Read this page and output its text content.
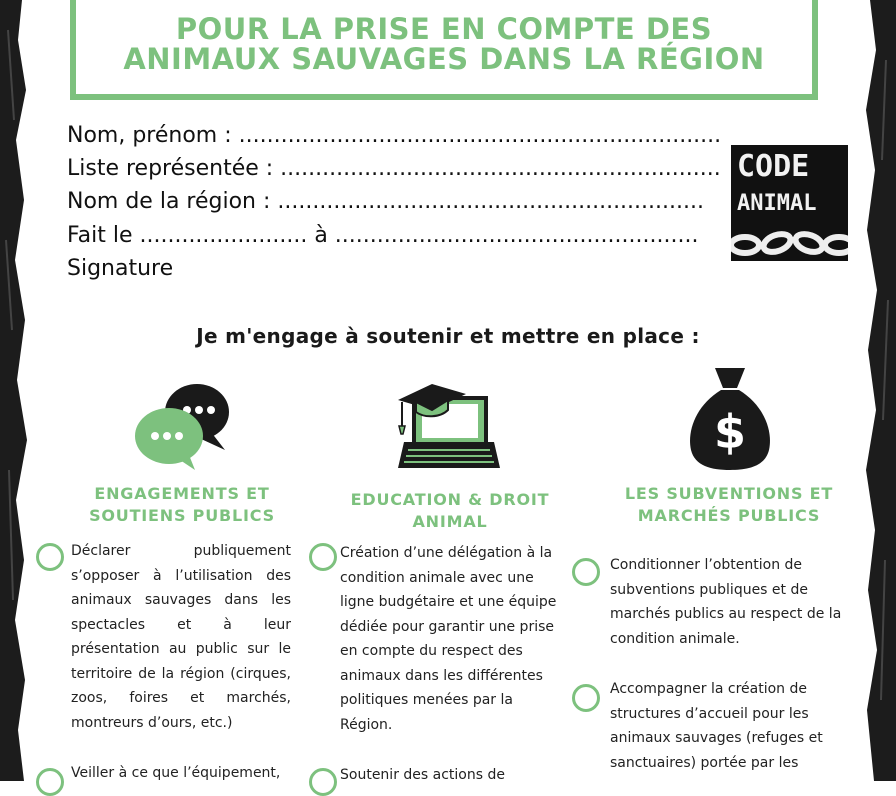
POUR LA PRISE EN COMPTE DES
ANIMAUX SAUVAGES DANS LA RÉGION
Nom, prénom : .....................................................................
Liste représentée : ...............................................................
Nom de la région : .............................................................
Fait le ........................ à ....................................................
Signature
CODE
ANIMAL
Je m'engage à soutenir et mettre en place :
$
ENGAGEMENTS ET
SOUTIENS PUBLICS
EDUCATION & DROIT
ANIMAL
LES SUBVENTIONS ET
MARCHÉS PUBLICS
Déclarer publiquement s’opposer à l’utilisation des animaux sauvages dans les spectacles et à leur présentation au public sur le territoire de la région (cirques, zoos, foires et marchés, montreurs d’ours, etc.)
Veiller à ce que l’équipement,
Création d’une délégation à la condition animale avec une ligne budgétaire et une équipe dédiée pour garantir une prise en compte du respect des animaux dans les différentes politiques menées par la Région.
Soutenir des actions de
Conditionner l’obtention de subventions publiques et de marchés publics au respect de la condition animale.
Accompagner la création de structures d’accueil pour les animaux sauvages (refuges et sanctuaires) portée par les
